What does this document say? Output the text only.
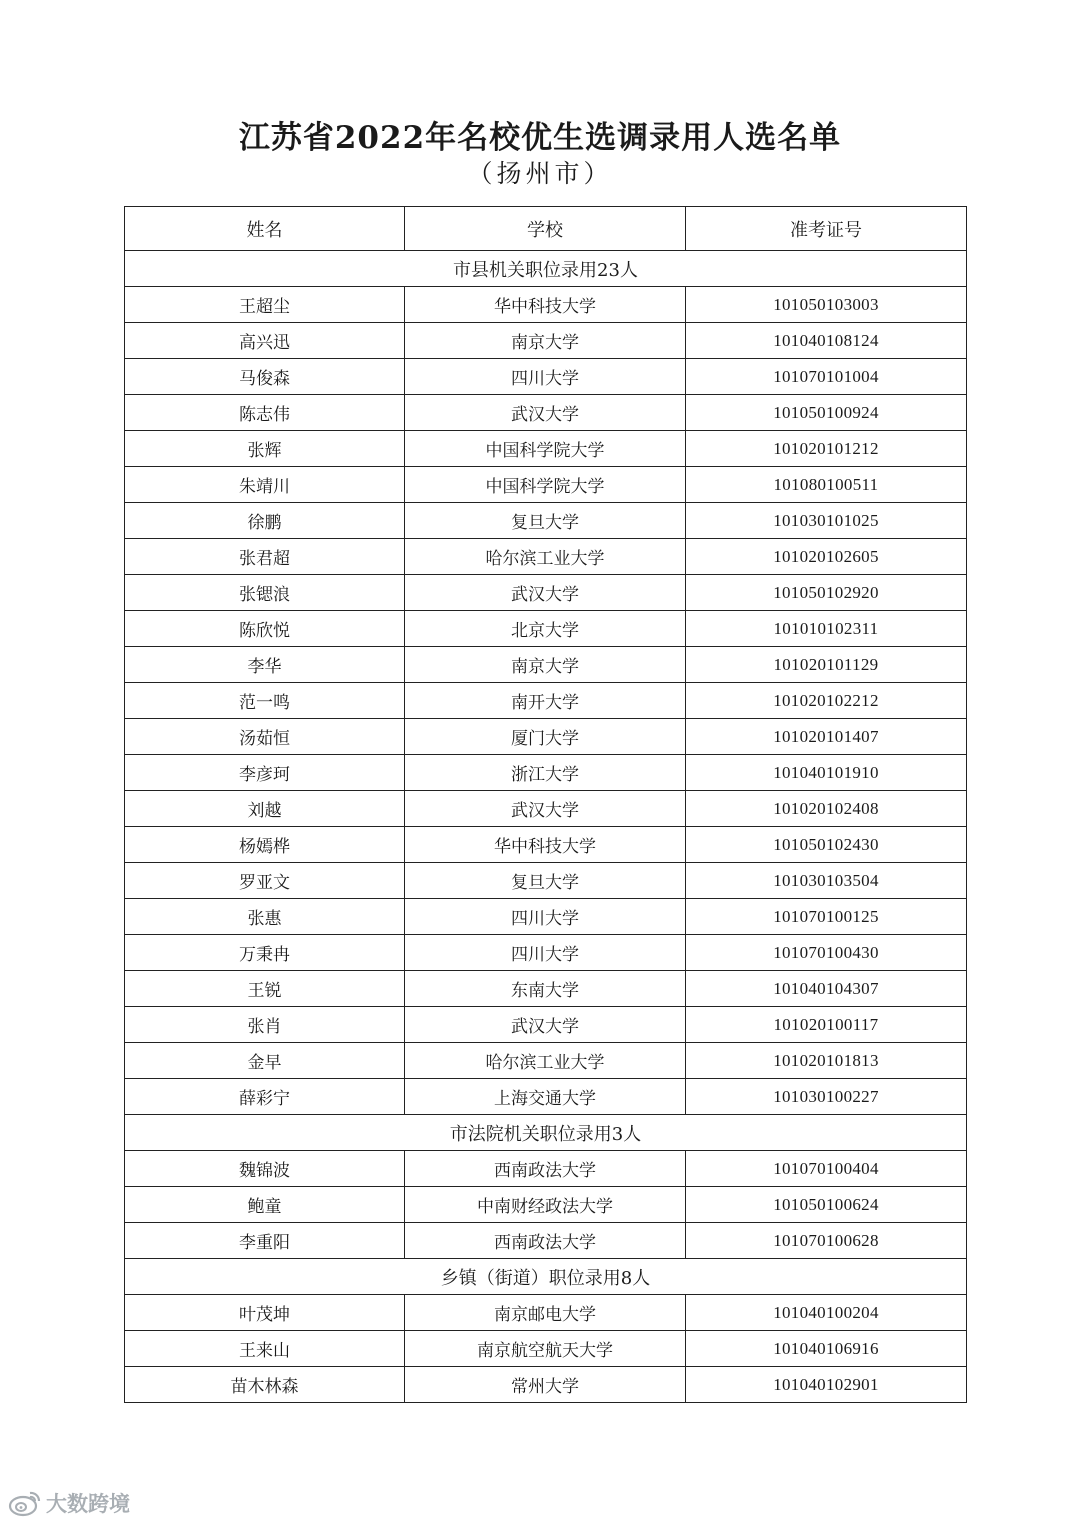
江苏省2022年名校优生选调录用人选名单
（扬州市）
姓名	学校	准考证号
市县机关职位录用23人		
王超尘	华中科技大学	101050103003
高兴迅	南京大学	101040108124
马俊森	四川大学	101070101004
陈志伟	武汉大学	101050100924
张辉	中国科学院大学	101020101212
朱靖川	中国科学院大学	101080100511
徐鹏	复旦大学	101030101025
张君超	哈尔滨工业大学	101020102605
张锶浪	武汉大学	101050102920
陈欣悦	北京大学	101010102311
李华	南京大学	101020101129
范一鸣	南开大学	101020102212
汤茹恒	厦门大学	101020101407
李彦珂	浙江大学	101040101910
刘越	武汉大学	101020102408
杨嫣桦	华中科技大学	101050102430
罗亚文	复旦大学	101030103504
张惠	四川大学	101070100125
万秉冉	四川大学	101070100430
王锐	东南大学	101040104307
张肖	武汉大学	101020100117
金早	哈尔滨工业大学	101020101813
薛彩宁	上海交通大学	101030100227
市法院机关职位录用3人		
魏锦波	西南政法大学	101070100404
鲍童	中南财经政法大学	101050100624
李重阳	西南政法大学	101070100628
乡镇（街道）职位录用8人		
叶茂坤	南京邮电大学	101040100204
王来山	南京航空航天大学	101040106916
苗木林森	常州大学	101040102901
大数跨境
